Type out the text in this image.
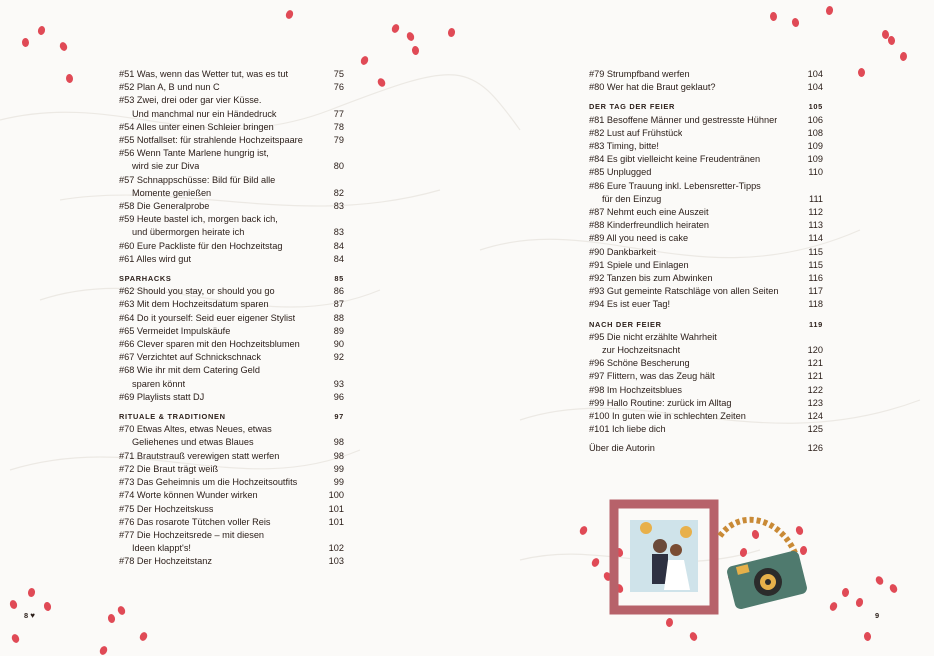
#51 Was, wenn das Wetter tut, was es tut	75
#52 Plan A, B und nun C	76
#53 Zwei, drei oder gar vier Küsse.
Und manchmal nur ein Händedruck	77
#54 Alles unter einen Schleier bringen	78
#55 Notfallset: für strahlende Hochzeitspaare	79
#56 Wenn Tante Marlene hungrig ist,
wird sie zur Diva	80
#57 Schnappschüsse: Bild für Bild alle
Momente genießen	82
#58 Die Generalprobe	83
#59 Heute bastel ich, morgen back ich,
und übermorgen heirate ich	83
#60 Eure Packliste für den Hochzeitstag	84
#61 Alles wird gut	84
SPARHACKS	85
#62 Should you stay, or should you go	86
#63 Mit dem Hochzeitsdatum sparen	87
#64 Do it yourself: Seid euer eigener Stylist	88
#65 Vermeidet Impulskäufe	89
#66 Clever sparen mit den Hochzeitsblumen	90
#67 Verzichtet auf Schnickschnack	92
#68 Wie ihr mit dem Catering Geld
sparen könnt	93
#69 Playlists statt DJ	96
RITUALE & TRADITIONEN	97
#70 Etwas Altes, etwas Neues, etwas
Geliehenes und etwas Blaues	98
#71 Brautstrauß verewigen statt werfen	98
#72 Die Braut trägt weiß	99
#73 Das Geheimnis um die Hochzeitsoutfits	99
#74 Worte können Wunder wirken	100
#75 Der Hochzeitskuss	101
#76 Das rosarote Tütchen voller Reis	101
#77 Die Hochzeitsrede – mit diesen
Ideen klappt's!	102
#78 Der Hochzeitstanz	103
8 ♥
#79 Strumpfband werfen	104
#80 Wer hat die Braut geklaut?	104
DER TAG DER FEIER	105
#81 Besoffene Männer und gestresste Hühner	106
#82 Lust auf Frühstück	108
#83 Timing, bitte!	109
#84 Es gibt vielleicht keine Freudentränen	109
#85 Unplugged	110
#86 Eure Trauung inkl. Lebensretter-Tipps
für den Einzug	111
#87 Nehmt euch eine Auszeit	112
#88 Kinderfreundlich heiraten	113
#89 All you need is cake	114
#90 Dankbarkeit	115
#91 Spiele und Einlagen	115
#92 Tanzen bis zum Abwinken	116
#93 Gut gemeinte Ratschläge von allen Seiten	117
#94 Es ist euer Tag!	118
NACH DER FEIER	119
#95 Die nicht erzählte Wahrheit
zur Hochzeitsnacht	120
#96 Schöne Bescherung	121
#97 Flittern, was das Zeug hält	121
#98 Im Hochzeitsblues	122
#99 Hallo Routine: zurück im Alltag	123
#100 In guten wie in schlechten Zeiten	124
#101 Ich liebe dich	125
Über die Autorin	126
9
